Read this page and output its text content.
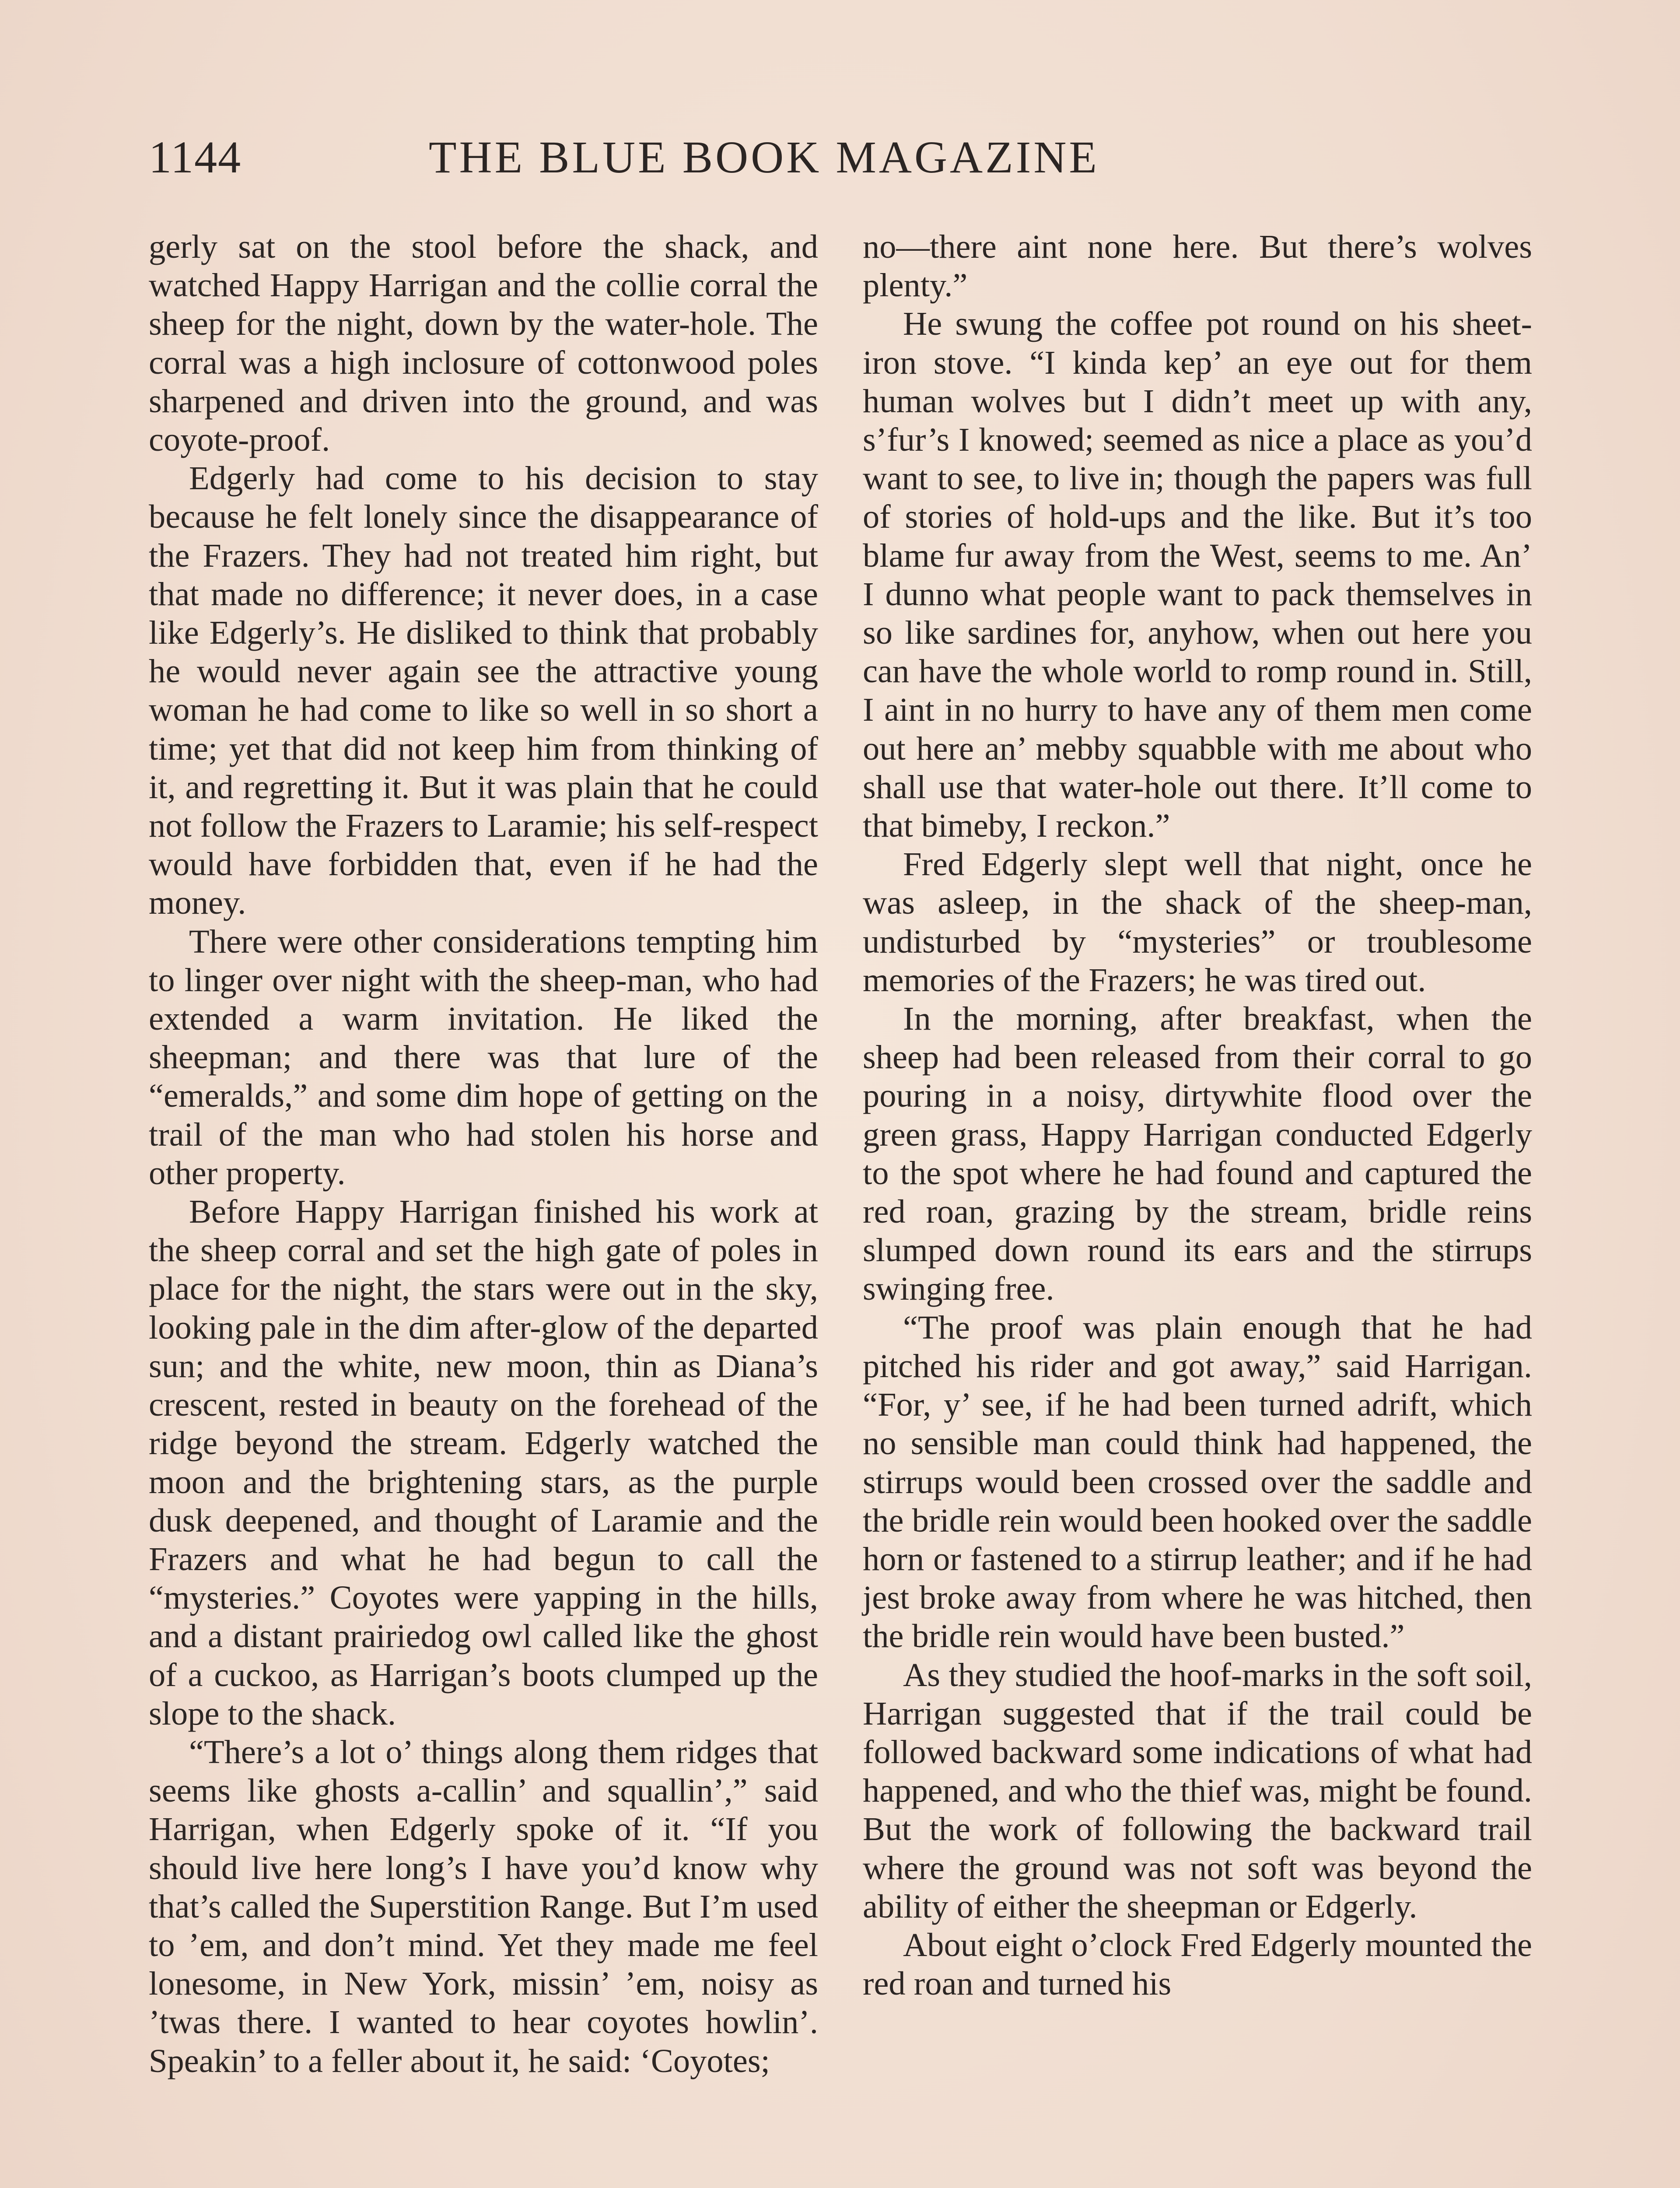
1144	THE BLUE BOOK MAGAZINE

gerly sat on the stool before the shack, and watched Happy Harrigan and the collie corral the sheep for the night, down by the water-hole. The corral was a high inclosure of cottonwood poles sharpened and driven into the ground, and was coyote-proof.

Edgerly had come to his decision to stay because he felt lonely since the disappearance of the Frazers. They had not treated him right, but that made no difference; it never does, in a case like Edgerly’s. He disliked to think that probably he would never again see the attractive young woman he had come to like so well in so short a time; yet that did not keep him from thinking of it, and regretting it. But it was plain that he could not follow the Frazers to Laramie; his self-respect would have forbidden that, even if he had the money.

There were other considerations tempting him to linger over night with the sheep-man, who had extended a warm invitation. He liked the sheepman; and there was that lure of the “emeralds,” and some dim hope of getting on the trail of the man who had stolen his horse and other property.

Before Happy Harrigan finished his work at the sheep corral and set the high gate of poles in place for the night, the stars were out in the sky, looking pale in the dim after-glow of the departed sun; and the white, new moon, thin as Diana’s crescent, rested in beauty on the forehead of the ridge beyond the stream. Edgerly watched the moon and the brightening stars, as the purple dusk deepened, and thought of Laramie and the Frazers and what he had begun to call the “mysteries.” Coyotes were yapping in the hills, and a distant prairiedog owl called like the ghost of a cuckoo, as Harrigan’s boots clumped up the slope to the shack.

“There’s a lot o’ things along them ridges that seems like ghosts a-callin’ and squallin’,” said Harrigan, when Edgerly spoke of it. “If you should live here long’s I have you’d know why that’s called the Superstition Range. But I’m used to ’em, and don’t mind. Yet they made me feel lonesome, in New York, missin’ ’em, noisy as ’twas there. I wanted to hear coyotes howlin’. Speakin’ to a feller about it, he said: ‘Coyotes;

no—there aint none here. But there’s wolves plenty.”

He swung the coffee pot round on his sheet-iron stove. “I kinda kep’ an eye out for them human wolves but I didn’t meet up with any, s’fur’s I knowed; seemed as nice a place as you’d want to see, to live in; though the papers was full of stories of hold-ups and the like. But it’s too blame fur away from the West, seems to me. An’ I dunno what people want to pack themselves in so like sardines for, anyhow, when out here you can have the whole world to romp round in. Still, I aint in no hurry to have any of them men come out here an’ mebby squabble with me about who shall use that water-hole out there. It’ll come to that bimeby, I reckon.”

Fred Edgerly slept well that night, once he was asleep, in the shack of the sheep-man, undisturbed by “mysteries” or troublesome memories of the Frazers; he was tired out.

In the morning, after breakfast, when the sheep had been released from their corral to go pouring in a noisy, dirtywhite flood over the green grass, Happy Harrigan conducted Edgerly to the spot where he had found and captured the red roan, grazing by the stream, bridle reins slumped down round its ears and the stirrups swinging free.

“The proof was plain enough that he had pitched his rider and got away,” said Harrigan. “For, y’ see, if he had been turned adrift, which no sensible man could think had happened, the stirrups would been crossed over the saddle and the bridle rein would been hooked over the saddle horn or fastened to a stirrup leather; and if he had jest broke away from where he was hitched, then the bridle rein would have been busted.”

As they studied the hoof-marks in the soft soil, Harrigan suggested that if the trail could be followed backward some indications of what had happened, and who the thief was, might be found. But the work of following the backward trail where the ground was not soft was beyond the ability of either the sheepman or Edgerly.

About eight o’clock Fred Edgerly mounted the red roan and turned his
